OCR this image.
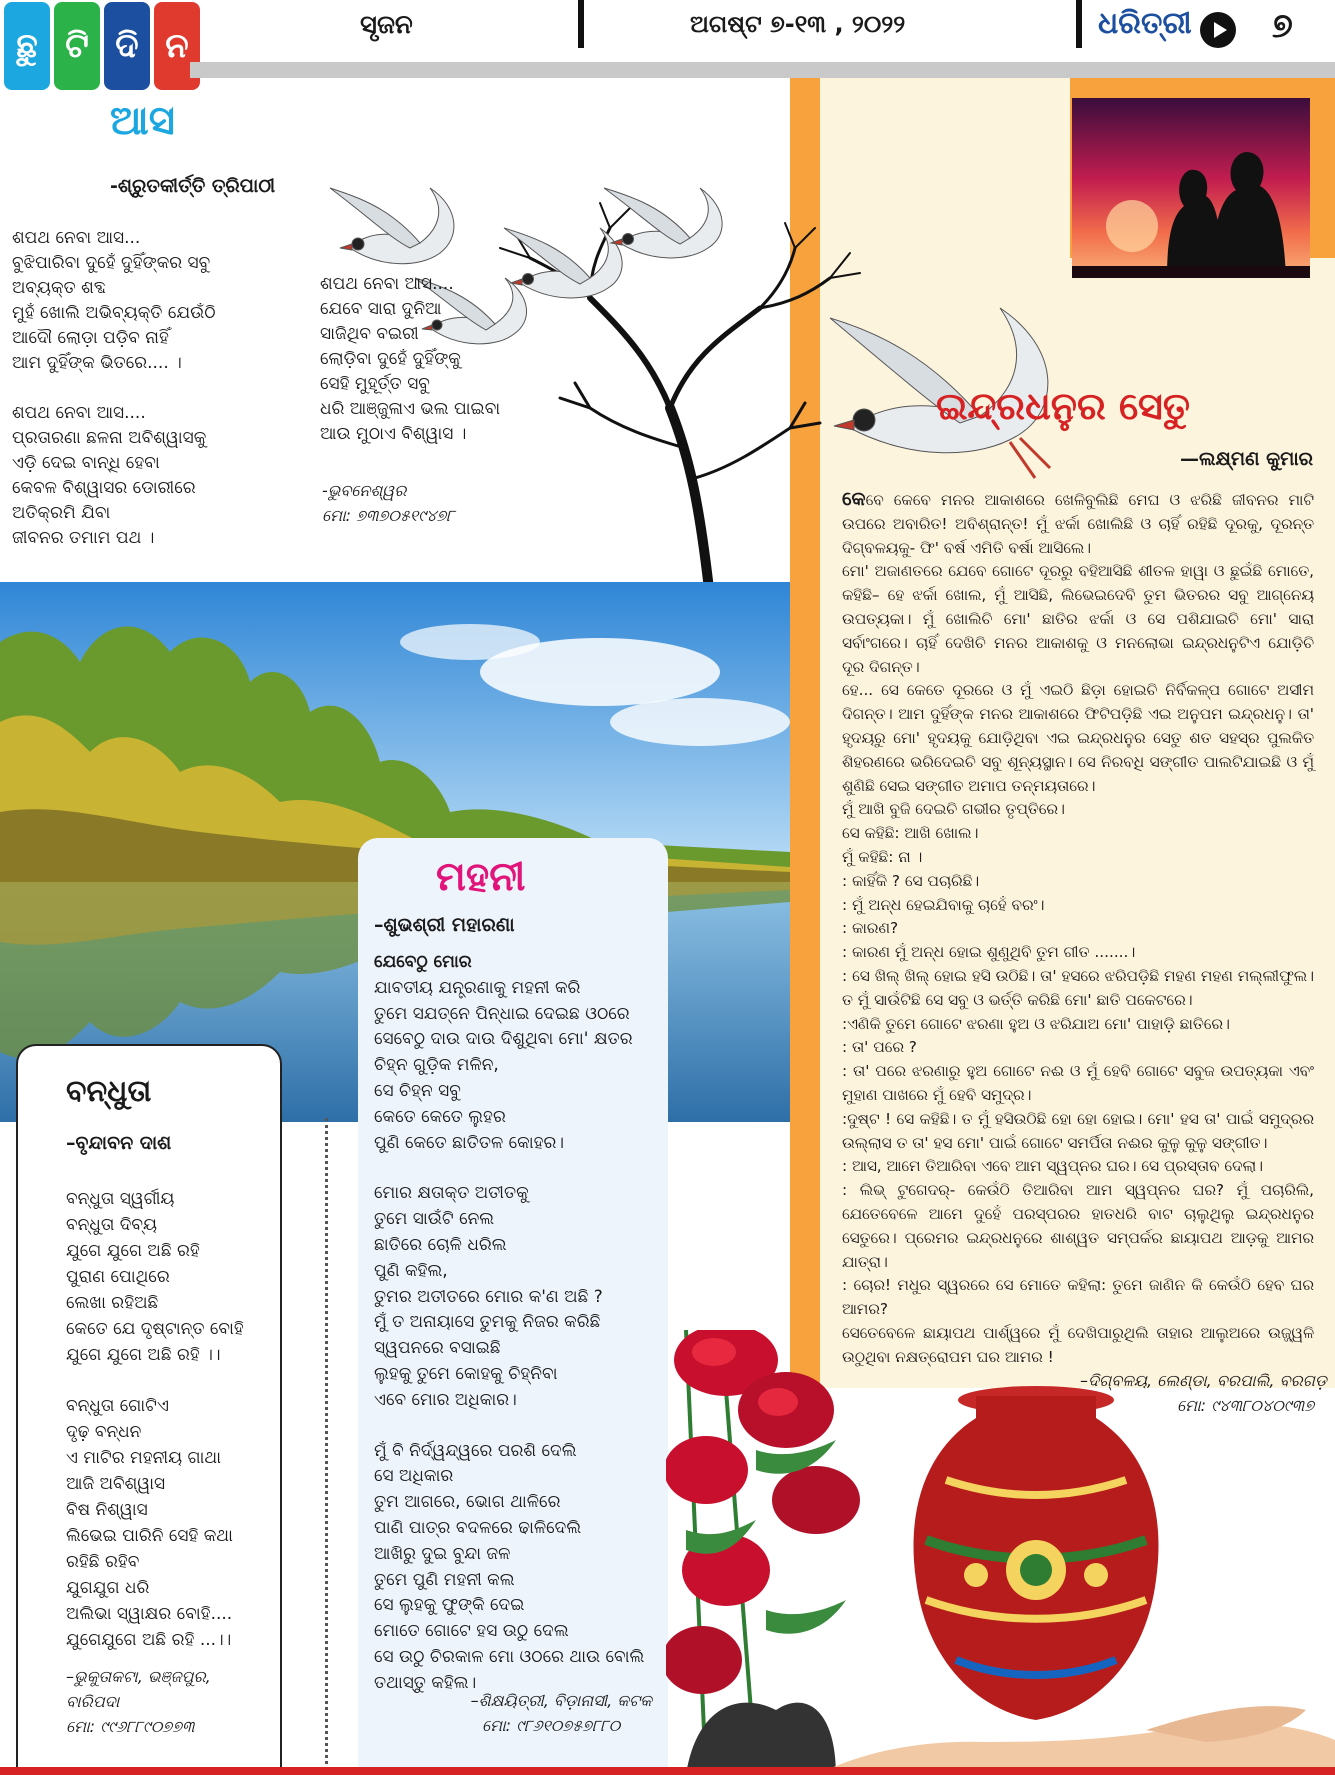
ଛୁ ଟି ଦି ନ
ସୃଜନ	ଅଗଷ୍ଟ ୭-୧୩ , ୨୦୨୨	ଧରିତ୍ରୀ ୭
ଆସ
-ଶ୍ରୁତକୀର୍ତ୍ତି ତ୍ରିପାଠୀ
ଶପଥ ନେବା ଆସ...
ବୁଝିପାରିବା ଦୁହେଁ ଦୁହିଁଙ୍କର ସବୁ
ଅବ୍ୟକ୍ତ ଶବ୍ଦ
ମୁହଁ ଖୋଲି ଅଭିବ୍ୟକ୍ତି ଯେଉଁଠି
ଆଦୌ ଲୋଡ଼ା ପଡ଼ିବ ନାହିଁ
ଆମ ଦୁହିଁଙ୍କ ଭିତରେ.... ।
ଶପଥ ନେବା ଆସ....
ପ୍ରତାରଣା ଛଳନା ଅବିଶ୍ୱାସକୁ
ଏଡ଼ି ଦେଇ ବାନ୍ଧି ହେବା
କେବଳ ବିଶ୍ୱାସର ଡୋରୀରେ
ଅତିକ୍ରମି ଯିବା
ଜୀବନର ତମାମ ପଥ ।
ଶପଥ ନେବା ଆସ....
ଯେବେ ସାରା ଦୁନିଆ
ସାଜିଥିବ ବଇରୀ
ଲୋଡ଼ିବା ଦୁହେଁ ଦୁହିଁଙ୍କୁ
ସେହି ମୁହୂର୍ତ୍ତ ସବୁ
ଧରି ଆଞ୍ଜୁଳାଏ ଭଲ ପାଇବା
ଆଉ ମୁଠାଏ ବିଶ୍ୱାସ ।
-ଭୁବନେଶ୍ୱର
ମୋ: ୭୩୭୦୫୧୯୪୭୮
ଇନ୍ଦ୍ରଧନୁର ସେତୁ
—ଲକ୍ଷ୍ମଣ କୁମାର

କେବେ କେବେ ମନର ଆକାଶରେ ଖେଳିବୁଲିଛି ମେଘ ଓ ଝରିଛି ଜୀବନର ମାଟି ଉପରେ ଅବାରିତ! ଅବିଶ୍ରାନ୍ତ! ମୁଁ ଝର୍କା ଖୋଲିଛି ଓ ଚାହିଁ ରହିଛି ଦୂରକୁ, ଦୂରନ୍ତ ଦିଗ୍‌ବଳୟକୁ- ଫି' ବର୍ଷ ଏମିତି ବର୍ଷା ଆସିଲେ।

ମୋ' ଅଜାଣତରେ ଯେବେ ଗୋଟେ ଦୂରରୁ ବହିଆସିଛି ଶୀତଳ ହାୱା ଓ ଛୁଇଁଛି ମୋତେ, କହିଛି– ହେ ଝର୍କା ଖୋଲ, ମୁଁ ଆସିଛି, ଲିଭେଇଦେବି ତୁମ ଭିତରର ସବୁ ଆଗ୍ନେୟ ଉପତ୍ୟକା। ମୁଁ ଖୋଲିଚି ମୋ' ଛାତିର ଝର୍କା ଓ ସେ ପଶିଯାଇଚି ମୋ' ସାରା ସର୍ବାଂଗରେ। ଚାହିଁ ଦେଖିଚି ମନର ଆକାଶକୁ ଓ ମନଲୋଭା ଇନ୍ଦ୍ରଧନୁଟିଏ ଯୋଡ଼ିଚି ଦୂର ଦିଗନ୍ତ।

ହେ... ସେ କେତେ ଦୂରରେ ଓ ମୁଁ ଏଇଠି ଛିଡ଼ା ହୋଇଚି ନିର୍ବିକଳ୍ପ ଗୋଟେ ଅସୀମ ଦିଗନ୍ତ। ଆମ ଦୁହିଁଙ୍କ ମନର ଆକାଶରେ ଫିଟିପଡ଼ିଛି ଏଇ ଅନୁପମ ଇନ୍ଦ୍ରଧନୁ। ତା' ହୃଦୟରୁ ମୋ' ହୃଦୟକୁ ଯୋଡ଼ିଥିବା ଏଇ ଇନ୍ଦ୍ରଧନୁର ସେତୁ ଶତ ସହସ୍ର ପୁଲକିତ ଶିହରଣରେ ଭରିଦେଇଚି ସବୁ ଶୂନ୍ୟସ୍ଥାନ। ସେ ନିରବଧି ସଙ୍ଗୀତ ପାଲଟିଯାଇଛି ଓ ମୁଁ ଶୁଣିଛି ସେଇ ସଙ୍ଗୀତ ଅମାପ ତନ୍ମୟତାରେ।

ମୁଁ ଆଖି ବୁଜି ଦେଇଚି ଗଭୀର ତୃପ୍ତିରେ।

ସେ କହିଛି: ଆଖି ଖୋଲ।

ମୁଁ କହିଛି: ନା ।

: କାହିଁକି ? ସେ ପଚାରିଛି।

: ମୁଁ ଅନ୍ଧ ହେଇଯିବାକୁ ଚାହେଁ ବରଂ।

: କାରଣ?

: କାରଣ ମୁଁ ଅନ୍ଧ ହୋଇ ଶୁଣୁଥିବି ତୁମ ଗୀତ .......।

: ସେ ଖିଲ୍ ଖିଲ୍ ହୋଇ ହସି ଉଠିଛି। ତା' ହସରେ ଝରିପଡ଼ିଛି ମହଣ ମହଣ ମଲ୍ଲୀଫୁଲ। ତ ମୁଁ ସାଉଁଟିଛି ସେ ସବୁ ଓ ଭର୍ତ୍ତି କରିଛି ମୋ' ଛାତି ପକେଟରେ।

:ଏଣିକି ତୁମେ ଗୋଟେ ଝରଣା ହୁଅ ଓ ଝରିଯାଅ ମୋ' ପାହାଡ଼ି ଛାତିରେ।

: ତା' ପରେ ?

: ତା' ପରେ ଝରଣାରୁ ହୁଅ ଗୋଟେ ନଈ ଓ ମୁଁ ହେବି ଗୋଟେ ସବୁଜ ଉପତ୍ୟକା ଏବଂ ମୁହାଣ ପାଖରେ ମୁଁ ହେବି ସମୁଦ୍ର।

:ଦୁଷ୍ଟ ! ସେ କହିଛି। ତ ମୁଁ ହସିଉଠିଛି ହୋ ହୋ ହୋଇ। ମୋ' ହସ ତା' ପାଇଁ ସମୁଦ୍ରର ଉଲ୍ଲାସ ତ ତା' ହସ ମୋ' ପାଇଁ ଗୋଟେ ସମର୍ପିତା ନଈର କୁଳୁ କୁଳୁ ସଙ୍ଗୀତ।

: ଆସ, ଆମେ ତିଆରିବା ଏବେ ଆମ ସ୍ୱପ୍ନର ଘର। ସେ ପ୍ରସ୍ତାବ ଦେଲା।

: ଲିଭ୍ ଟୁଗେଦର୍- କେଉଁଠି ତିଆରିବା ଆମ ସ୍ୱପ୍ନର ଘର? ମୁଁ ପଚାରିଲି, ଯେତେବେଳେ ଆମେ ଦୁହେଁ ପରସ୍ପରର ହାତଧରି ବାଟ ଚାଲୁଥିଲୁ ଇନ୍ଦ୍ରଧନୁର ସେତୁରେ। ପ୍ରେମର ଇନ୍ଦ୍ରଧନୁରେ ଶାଶ୍ୱତ ସମ୍ପର୍କର ଛାୟାପଥ ଆଡ଼କୁ ଆମର ଯାତ୍ରା।

: ଚୋର! ମଧୁର ସ୍ୱରରେ ସେ ମୋତେ କହିଲା: ତୁମେ ଜାଣିନ କି କେଉଁଠି ହେବ ଘର ଆମର?

ସେତେବେଳେ ଛାୟାପଥ ପାର୍ଶ୍ୱରେ ମୁଁ ଦେଖିପାରୁଥିଲି ତାହାର ଆଲୁଅରେ ଉଜ୍ଜ୍ୱଳି ଉଠୁଥିବା ନକ୍ଷତ୍ରୋପମ ଘର ଆମର !

–ଦିଗ୍‌ବଳୟ, ଲେଣ୍ଡା, ବରପାଲି, ବରଗଡ଼
ମୋ: ୯୪୩୮୦୪୦୯୩୭
ମହନୀ
–ଶୁଭଶ୍ରୀ ମହାରଣା
ଯେବେଠୁ ମୋର
ଯାବତୀୟ ଯନ୍ତ୍ରଣାକୁ ମହନୀ କରି
ତୁମେ ସଯତ୍ନେ ପିନ୍ଧାଇ ଦେଇଛ ଓଠରେ
ସେବେଠୁ ଦାଉ ଦାଉ ଦିଶୁଥିବା ମୋ' କ୍ଷତର
ଚିହ୍ନ ଗୁଡ଼ିକ ମଳିନ,
ସେ ଚିହ୍ନ ସବୁ
କେତେ କେତେ ଲୁହର
ପୁଣି କେତେ ଛାତିତଳ କୋହର।
ମୋର କ୍ଷତାକ୍ତ ଅତୀତକୁ
ତୁମେ ସାଉଁଟି ନେଲ
ଛାତିରେ ଚୋଳି ଧରିଲ
ପୁଣି କହିଲ,
ତୁମର ଅତୀତରେ ମୋର କ'ଣ ଅଛି ?
ମୁଁ ତ ଅନାୟାସେ ତୁମକୁ ନିଜର କରିଛି
ସ୍ୱପନରେ ବସାଇଛି
ଲୁହକୁ ତୁମେ କୋହକୁ ଚିହ୍ନିବା
ଏବେ ମୋର ଅଧିକାର।
ମୁଁ ବି ନିର୍ଦ୍ୱନ୍ଦ୍ୱରେ ପରଶି ଦେଲି
ସେ ଅଧିକାର
ତୁମ ଆଗରେ, ଭୋଗ ଥାଳିରେ
ପାଣି ପାତ୍ର ବଦଳରେ ଢାଳିଦେଲି
ଆଖିରୁ ଦୁଇ ବୁନ୍ଦା ଜଳ
ତୁମେ ପୁଣି ମହନୀ କଲ
ସେ ଲୁହକୁ ଫୁଙ୍କି ଦେଇ
ମୋତେ ଗୋଟେ ହସ ଉଠୁ ଦେଲ
ସେ ଉଠୁ ଚିରକାଳ ମୋ ଓଠରେ ଥାଉ ବୋଲି
ତଥାସ୍ତୁ କହିଲ।
–ଶିକ୍ଷୟିତ୍ରୀ, ବିଡ଼ାନାସୀ, କଟକ
ମୋ: ୯୮୬୧୦୭୫୭୮୮୦
ବନ୍ଧୁତା
–ବୃନ୍ଦାବନ ଦାଶ
ବନ୍ଧୁତା ସ୍ୱର୍ଗୀୟ
ବନ୍ଧୁତା ଦିବ୍ୟ
ଯୁଗେ ଯୁଗେ ଅଛି ରହି
ପୁରାଣ ପୋଥିରେ
ଲେଖା ରହିଅଛି
କେତେ ଯେ ଦୃଷ୍ଟାନ୍ତ ବୋହି
ଯୁଗେ ଯୁଗେ ଅଛି ରହି ।।
ବନ୍ଧୁତା ଗୋଟିଏ
ଦୃଢ଼ ବନ୍ଧନ
ଏ ମାଟିର ମହନୀୟ ଗାଥା
ଆଜି ଅବିଶ୍ୱାସ
ବିଷ ନିଶ୍ୱାସ
ଲିଭେଇ ପାରିନି ସେହି କଥା
ରହିଛି ରହିବ
ଯୁଗଯୁଗ ଧରି
ଅଲିଭା ସ୍ୱାକ୍ଷର ବୋହି....
ଯୁଗେଯୁଗେ ଅଛି ରହି ...।।
–ଭୁକୁତାକଟା, ଭଞ୍ଜପୁର,
ବାରିପଦା
ମୋ: ୯୯୬୮୮୯୦୭୭୩
